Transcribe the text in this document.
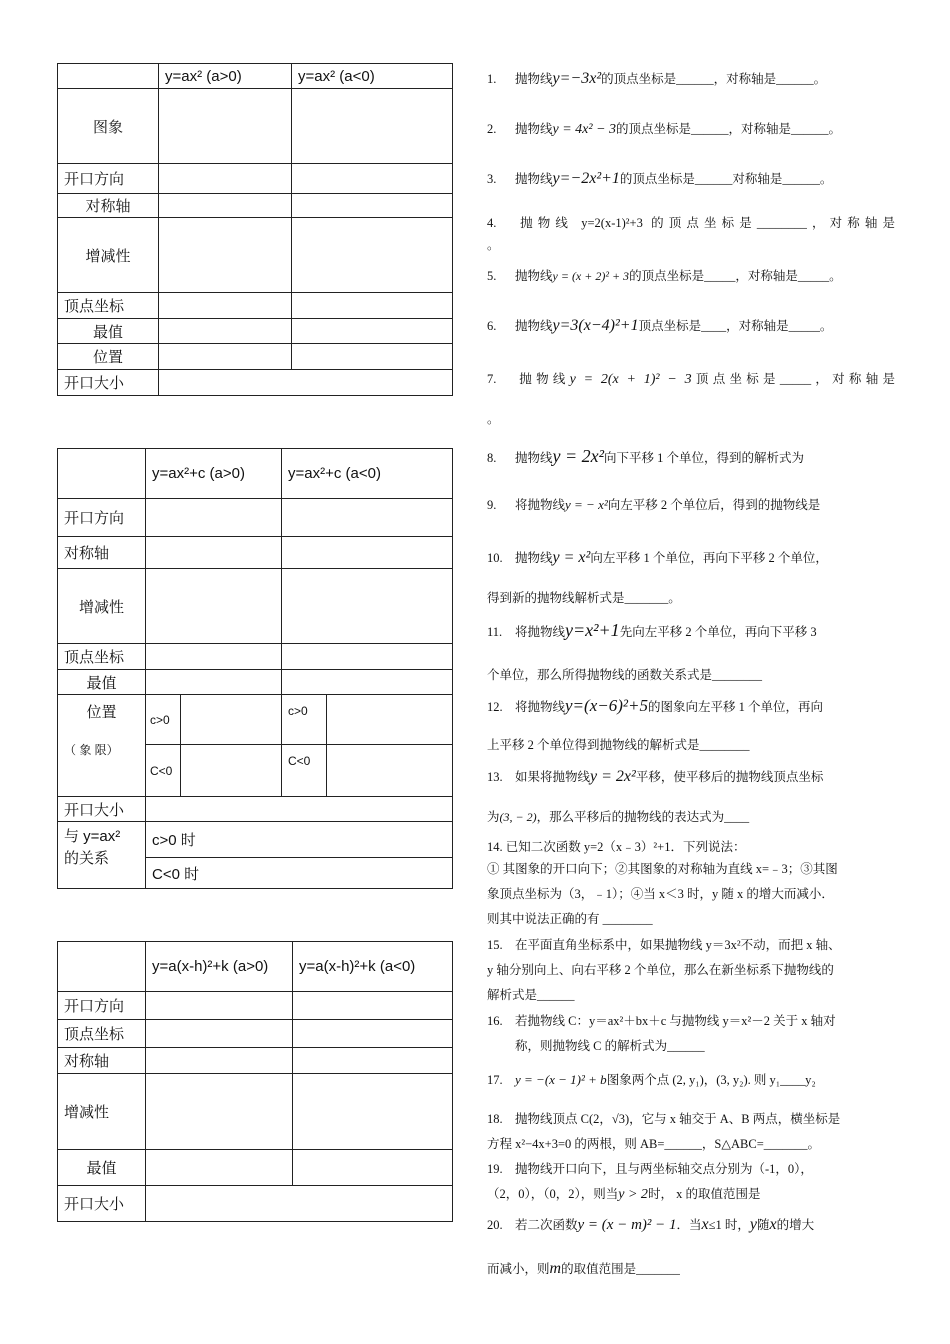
	y=ax² (a>0)	y=ax² (a<0)
图象		
开口方向		
对称轴		
增减性		
顶点坐标		
最值		
位置		
开口大小		
	y=ax²+c (a>0)		y=ax²+c (a<0)	
开口方向				
对称轴				
增减性				
顶点坐标				
最值				

位置
（ 象 限）	c>0		c>0	
	C<0		C<0	
开口大小				
与 y=ax² 的关系	c>0 时			
	C<0 时			
	y=a(x-h)²+k (a>0)	y=a(x-h)²+k (a<0)
开口方向		
顶点坐标		
对称轴		
增减性		
最值		
开口大小		
1. 抛物线y=−3x²的顶点坐标是______，对称轴是______。
2. 抛物线y = 4x² − 3的顶点坐标是______，对称轴是______。
3. 抛物线y=−2x²+1的顶点坐标是______对称轴是______。
4. 抛物线 y=2(x-1)²+3 的顶点坐标是________，对称轴是
。
5. 抛物线y = (x + 2)² + 3的顶点坐标是_____，对称轴是_____。
6. 抛物线y=3(x−4)²+1顶点坐标是____，对称轴是_____。
7. 抛物线y = 2(x + 1)² − 3顶点坐标是_____，对称轴是
。
8. 抛物线y = 2x²向下平移 1 个单位，得到的解析式为
9. 将抛物线y = − x²向左平移 2 个单位后，得到的抛物线是
10. 抛物线y = x²向左平移 1 个单位，再向下平移 2 个单位，
得到新的抛物线解析式是_______。
11. 将抛物线y=x²+1先向左平移 2 个单位，再向下平移 3
个单位，那么所得抛物线的函数关系式是________
12. 将抛物线y=(x−6)²+5的图象向左平移 1 个单位，再向
上平移 2 个单位得到抛物线的解析式是________
13. 如果将抛物线y = 2x²平移，使平移后的抛物线顶点坐标
为(3, − 2)，那么平移后的抛物线的表达式为____
14. 已知二次函数 y=2（x﹣3）²+1．下列说法：
① 其图象的开口向下；②其图象的对称轴为直线 x=﹣3；③其图
象顶点坐标为（3，﹣1）；④当 x＜3 时，y 随 x 的增大而减小．
则其中说法正确的有 ________
15. 在平面直角坐标系中，如果抛物线 y＝3x²不动，而把 x 轴、
y 轴分别向上、向右平移 2 个单位，那么在新坐标系下抛物线的
解析式是______
16. 若抛物线 C：y＝ax²＋bx＋c 与抛物线 y＝x²－2 关于 x 轴对
称，则抛物线 C 的解析式为______
17. y = −(x − 1)² + b图象两个点 (2, y₁)，(3, y₂). 则 y₁____y₂
18. 抛物线顶点 C(2，√3)，它与 x 轴交于 A、B 两点，横坐标是
方程 x²−4x+3=0 的两根，则 AB=______，S△ABC=_______。
19. 抛物线开口向下，且与两坐标轴交点分别为（-1，0），
（2，0），（0，2），则当y > 2时， x 的取值范围是
20. 若二次函数y = (x − m)² − 1．当x≤1 时，y随x的增大
而减小，则m的取值范围是_______
